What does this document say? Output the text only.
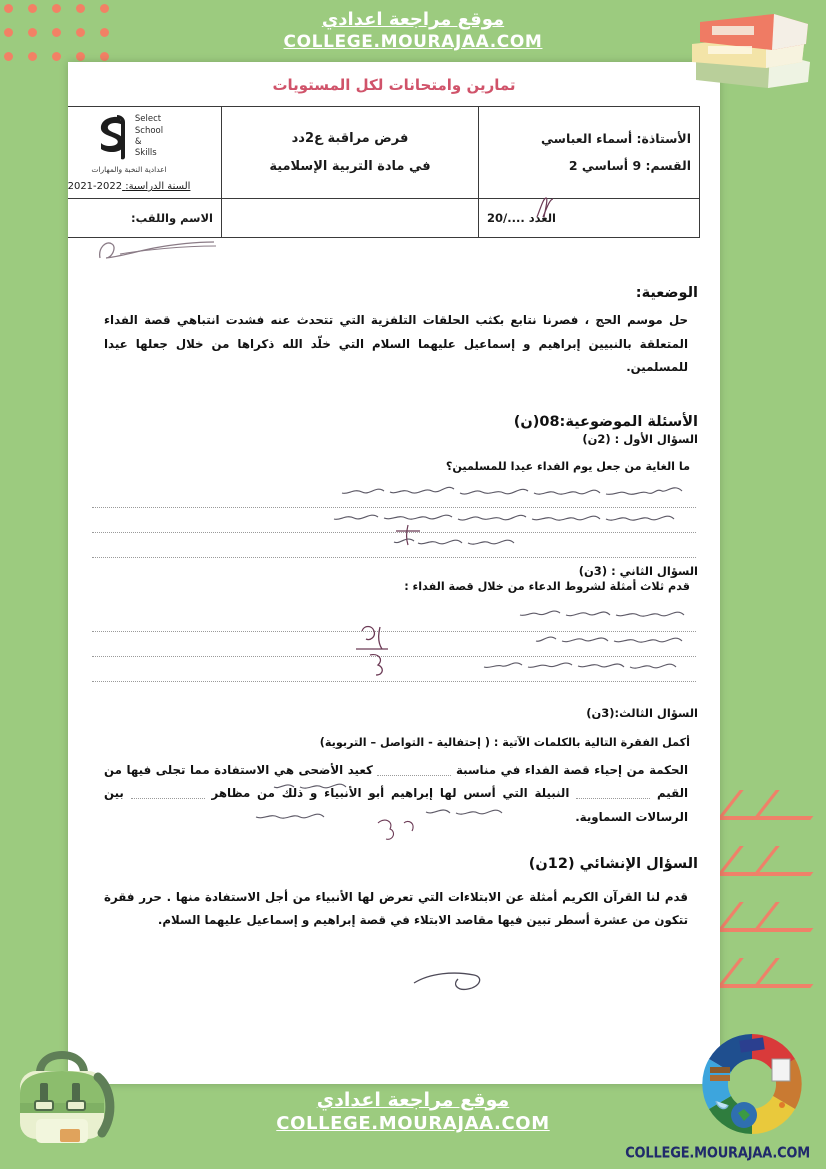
موقع مراجعة اعدادي
COLLEGE.MOURAJAA.COM
تمارين وامتحانات لكل المستويات
الأستاذة: أسماء العباسي
القسم: 9 أساسي 2

فرض مراقبة ع2دد
في مادة التربية الإسلامية

Select
School
&
Skills
اعدادية النخبة والمهارات
السنة الدراسية: 2021-2022

العدد ..../20		الاسم واللقب:
الوضعية:
حل موسم الحج ، فصرنا نتابع بكثب الحلقات التلفزية التي تتحدث عنه فشدت انتباهي قصة الفداء المتعلقة بالنبيين إبراهيم و إسماعيل عليهما السلام التي خلّد الله ذكراها من خلال جعلها عيدا للمسلمين.
الأسئلة الموضوعية:08(ن)
السؤال الأول : (2ن)
ما الغاية من جعل يوم الفداء عيدا للمسلمين؟
السؤال الثاني : (3ن)
قدم ثلاث أمثلة لشروط الدعاء من خلال قصة الفداء :
السؤال الثالث:(3ن)
أكمل الفقرة التالية بالكلمات الآتية : ( إحتفالية - التواصل – التربوية)
الحكمة من إحياء قصة الفداء في مناسبة  كعيد الأضحى هي الاستفادة مما تجلى فيها من القيم  النبيلة التي أسس لها إبراهيم أبو الأنبياء و ذلك من مظاهر  بين الرسالات السماوية.
السؤال الإنشائي (12ن)
قدم لنا القرآن الكريم أمثلة عن الابتلاءات التي تعرض لها الأنبياء من أجل الاستفادة منها . حرر فقرة تتكون من عشرة أسطر تبين فيها مقاصد الابتلاء في قصة إبراهيم و إسماعيل عليهما السلام.
موقع مراجعة اعدادي
COLLEGE.MOURAJAA.COM
COLLEGE.MOURAJAA.COM
